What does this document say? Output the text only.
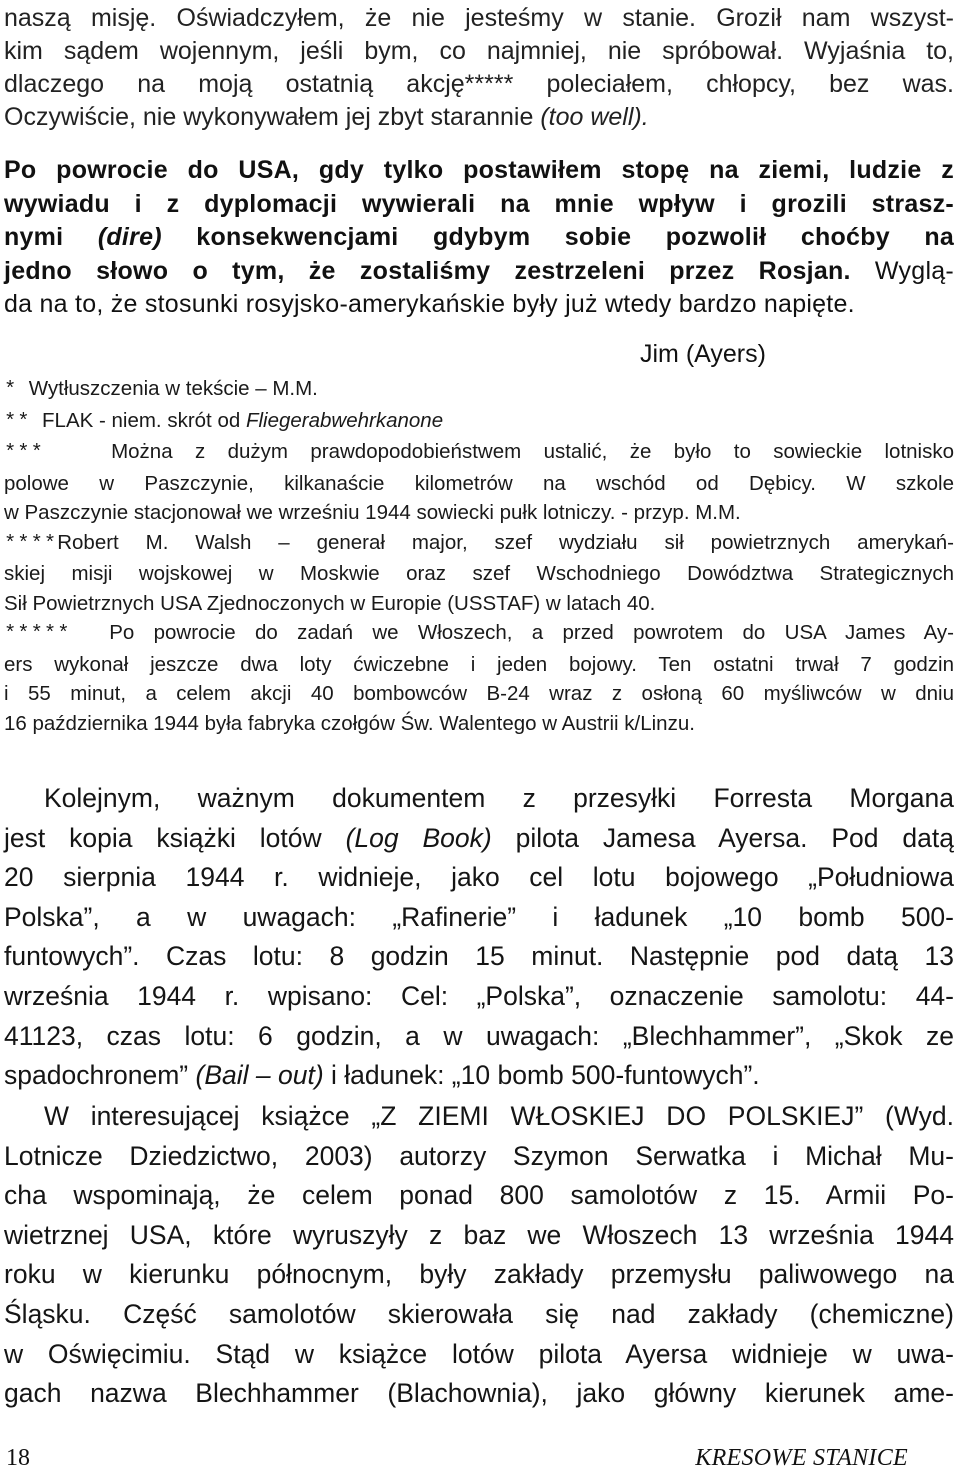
naszą misję. Oświadczyłem, że nie jesteśmy w stanie. Groził nam wszyst-
kim sądem wojennym, jeśli bym, co najmniej, nie spróbował. Wyjaśnia to,
dlaczego na moją ostatnią akcję***** poleciałem, chłopcy, bez was.
Oczywiście, nie wykonywałem jej zbyt starannie (too well).
Po powrocie do USA, gdy tylko postawiłem stopę na ziemi, ludzie z
wywiadu i z dyplomacji wywierali na mnie wpływ i grozili strasz-
nymi (dire) konsekwencjami gdybym sobie pozwolił choćby na
jedno słowo o tym, że zostaliśmy zestrzeleni przez Rosjan. Wyglą-
da na to, że stosunki rosyjsko-amerykańskie były już wtedy bardzo napięte.
Jim (Ayers)
* Wytłuszczenia w tekście – M.M.
** FLAK - niem. skrót od Fliegerabwehrkanone
***	Można z dużym prawdopodobieństwem ustalić, że było to sowieckie lotnisko
polowe w Paszczynie, kilkanaście kilometrów na wschód od Dębicy. W szkole
w Paszczynie stacjonował we wrześniu 1944 sowiecki pułk lotniczy. - przyp. M.M.
****Robert M. Walsh – generał major, szef wydziału sił powietrznych amerykań-
skiej misji wojskowej w Moskwie oraz szef Wschodniego Dowództwa Strategicznych
Sił Powietrznych USA Zjednoczonych w Europie (USSTAF) w latach 40.
***** Po powrocie do zadań we Włoszech, a przed powrotem do USA James Ay-
ers wykonał jeszcze dwa loty ćwiczebne i jeden bojowy. Ten ostatni trwał 7 godzin
i 55 minut, a celem akcji 40 bombowców B-24 wraz z osłoną 60 myśliwców w dniu
16 października 1944 była fabryka czołgów Św. Walentego w Austrii k/Linzu.
Kolejnym, ważnym dokumentem z przesyłki Forresta Morgana
jest kopia książki lotów (Log Book) pilota Jamesa Ayersa. Pod datą
20 sierpnia 1944 r. widnieje, jako cel lotu bojowego „Południowa
Polska”, a w uwagach: „Rafinerie” i ładunek „10 bomb 500-
funtowych”. Czas lotu: 8 godzin 15 minut. Następnie pod datą 13
września 1944 r. wpisano: Cel: „Polska”, oznaczenie samolotu: 44-
41123, czas lotu: 6 godzin, a w uwagach: „Blechhammer”, „Skok ze
spadochronem” (Bail – out) i ładunek: „10 bomb 500-funtowych”.
W interesującej książce „Z ZIEMI WŁOSKIEJ DO POLSKIEJ” (Wyd.
Lotnicze Dziedzictwo, 2003) autorzy Szymon Serwatka i Michał Mu-
cha wspominają, że celem ponad 800 samolotów z 15. Armii Po-
wietrznej USA, które wyruszyły z baz we Włoszech 13 września 1944
roku w kierunku północnym, były zakłady przemysłu paliwowego na
Śląsku. Część samolotów skierowała się nad zakłady (chemiczne)
w Oświęcimiu. Stąd w książce lotów pilota Ayersa widnieje w uwa-
gach nazwa Blechhammer (Blachownia), jako główny kierunek ame-
18	KRESOWE STANICE
